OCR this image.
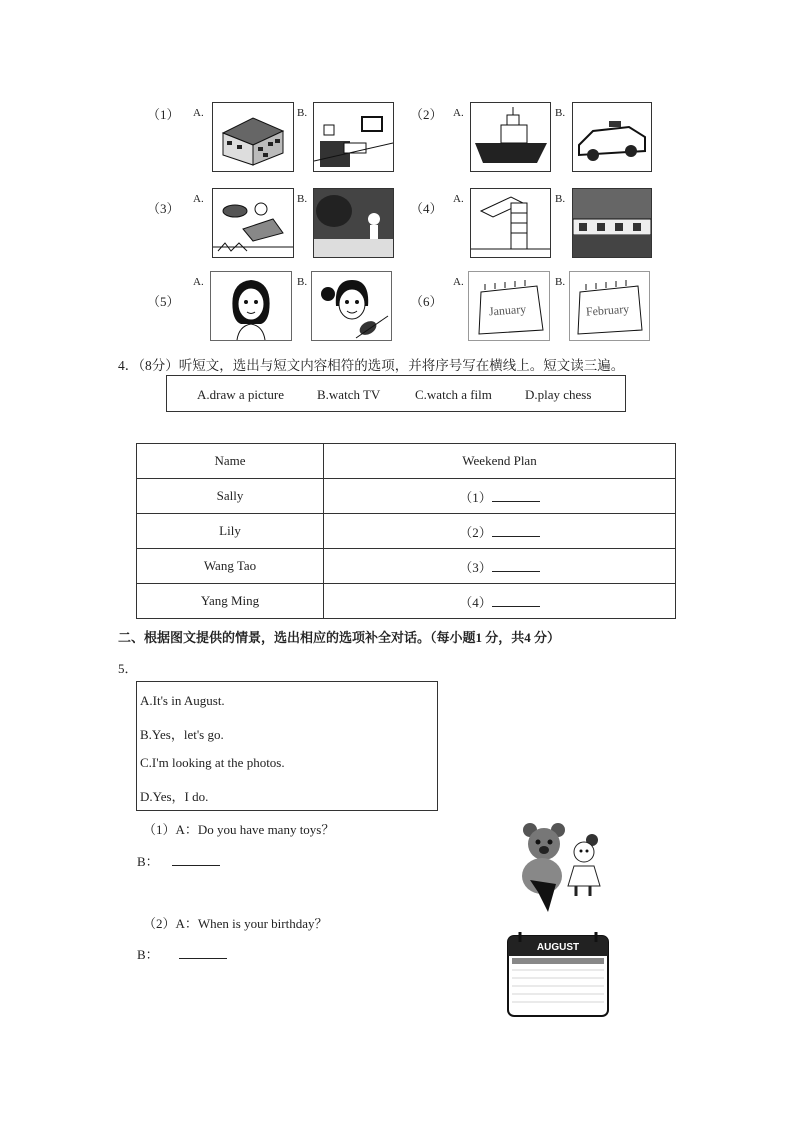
（1） A.	B.	（2） A.	B.
（3）
A.	B.
（4）
A.	B.
（5）
A.	B.
（6）
A.
January
B.
February
4．（8分）听短文，选出与短文内容相符的选项，并将序号写在横线上。短文读三遍。
A.draw a picture	B.watch TV	C.watch a film	D.play chess
Name	Weekend Plan
Sally	（1）
Lily	（2）
Wang Tao	（3）
Yang Ming	（4）
二、根据图文提供的情景，选出相应的选项补全对话。（每小题1 分，共4 分）
5．
A.It's in August.
B.Yes，let's go.
C.I'm looking at the photos.
D.Yes，I do.
（1）A：Do you have many toys？
B：
（2）A：When is your birthday？
B：	AUGUST
